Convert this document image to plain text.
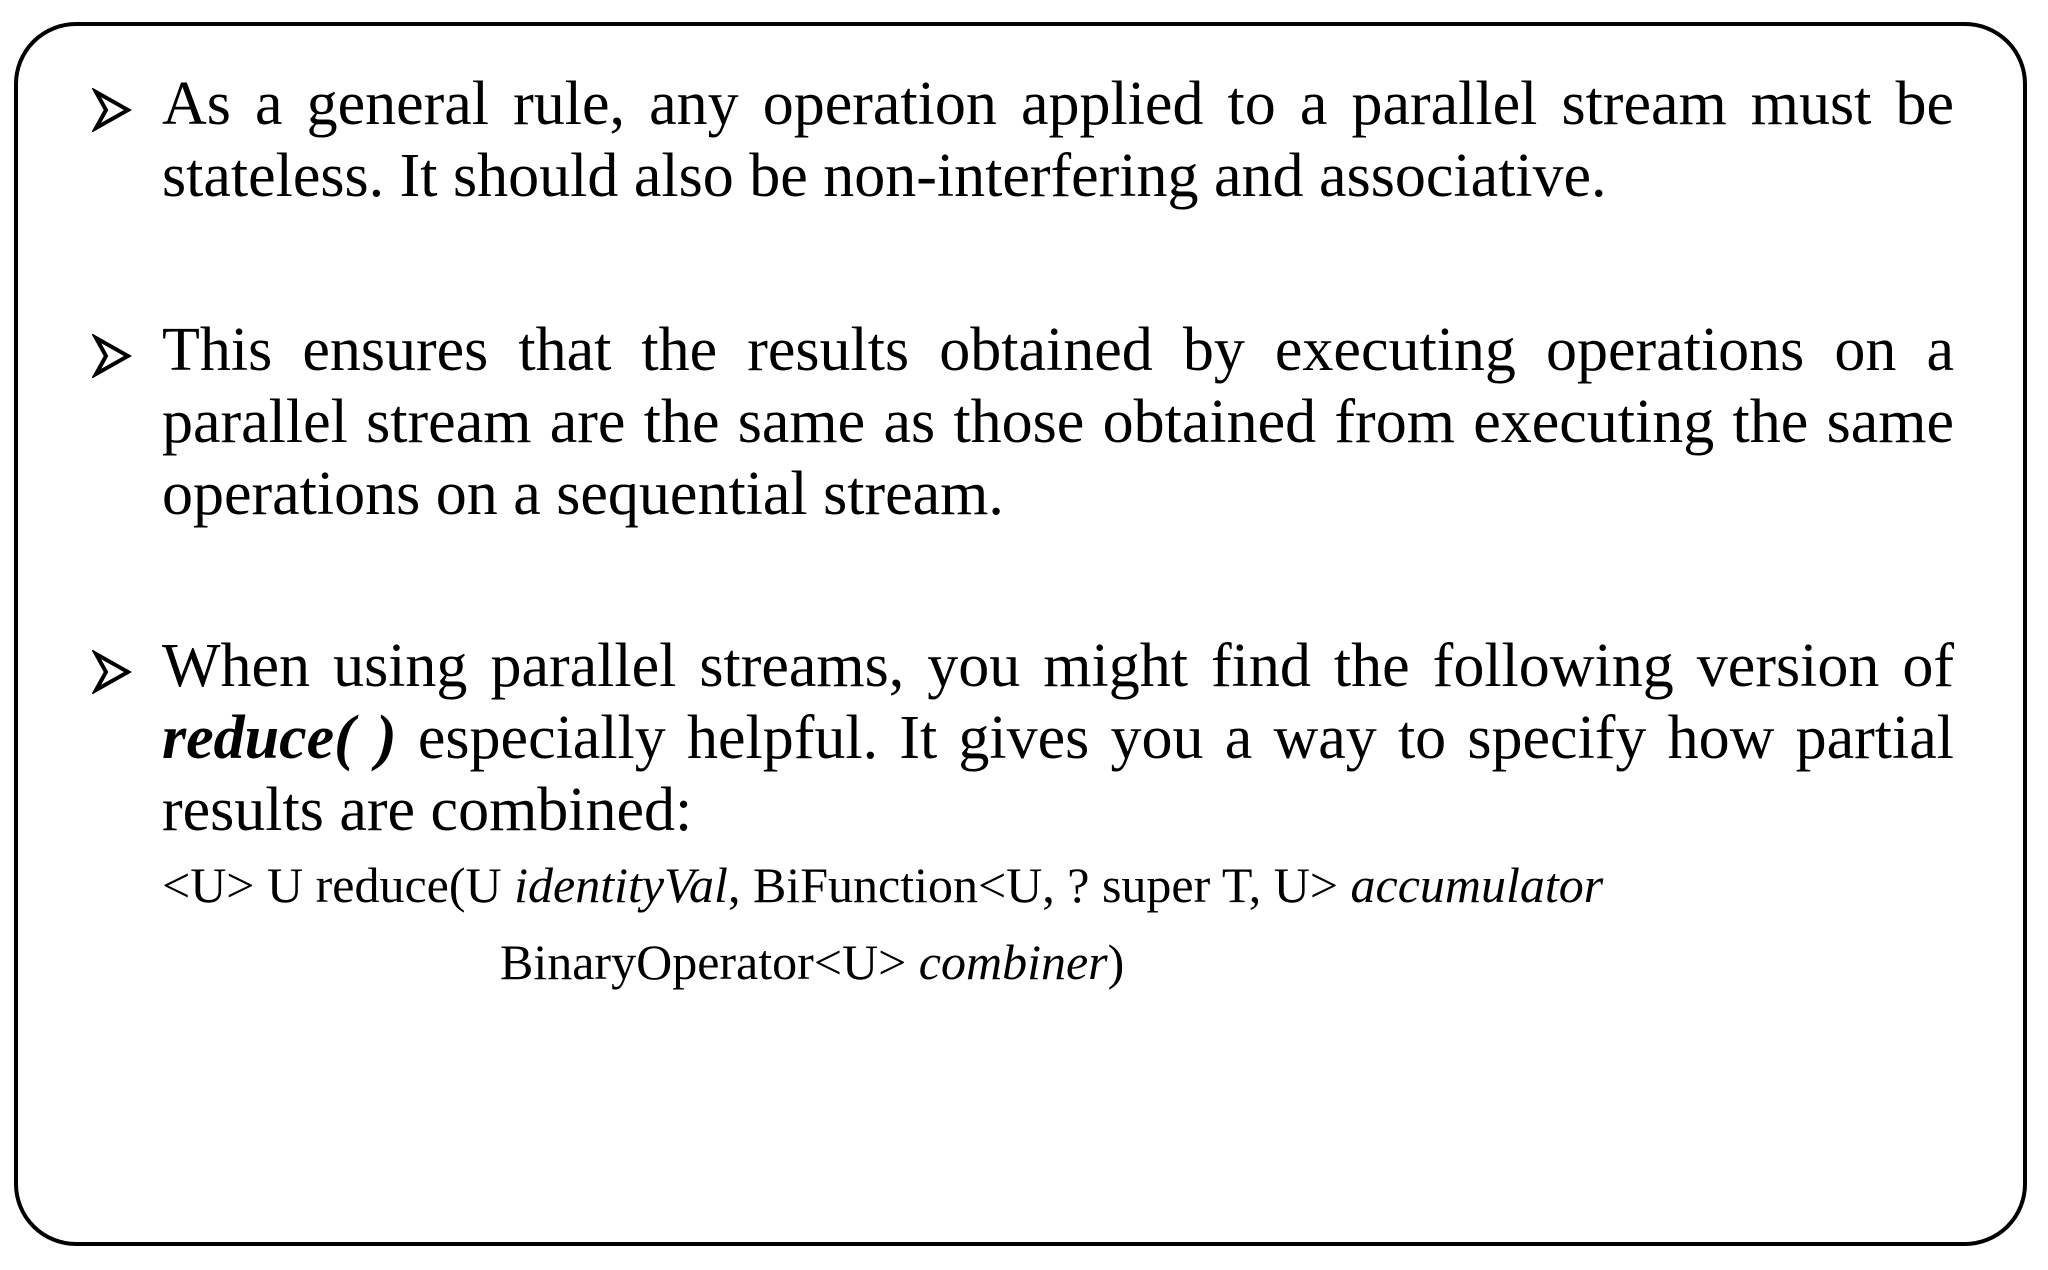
As a general rule, any operation applied to a parallel stream must be stateless. It should also be non-interfering and associative.
This ensures that the results obtained by executing operations on a parallel stream are the same as those obtained from executing the same operations on a sequential stream.
When using parallel streams, you might find the following version of reduce( ) especially helpful. It gives you a way to specify how partial results are combined:
<U> U reduce(U identityVal, BiFunction<U, ? super T, U> accumulator
BinaryOperator<U> combiner)
